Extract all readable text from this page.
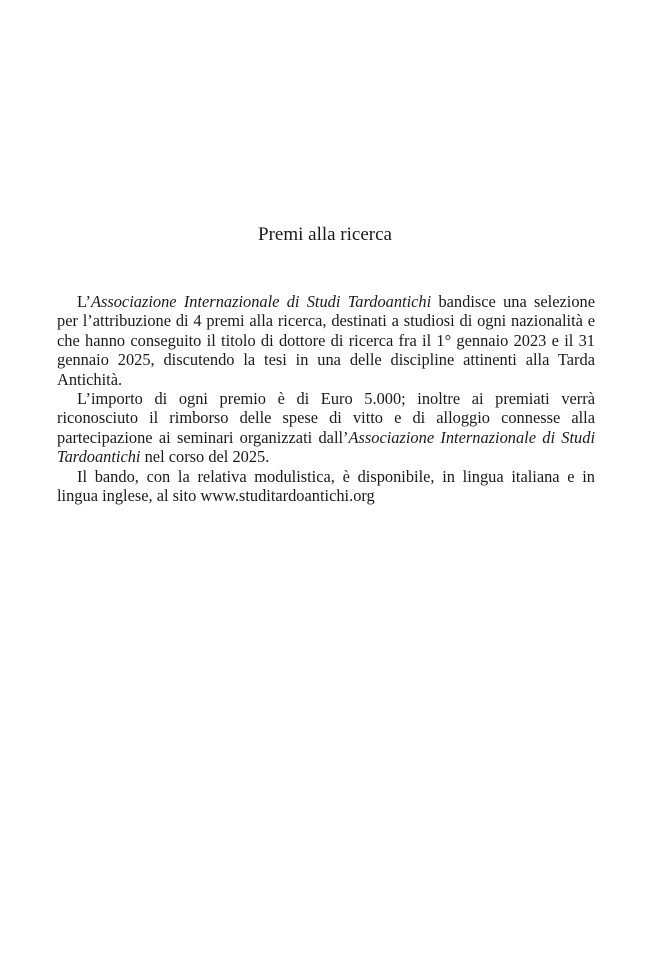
Premi alla ricerca

L’Associazione Internazionale di Studi Tardoantichi bandisce una selezione per l’attribuzione di 4 premi alla ricerca, destinati a studiosi di ogni nazionalità e che hanno conseguito il titolo di dottore di ricerca fra il 1° gennaio 2023 e il 31 gennaio 2025, discutendo la tesi in una delle discipline attinenti alla Tarda Antichità.

L’importo di ogni premio è di Euro 5.000; inoltre ai premiati verrà riconosciuto il rimborso delle spese di vitto e di alloggio connesse alla partecipazione ai seminari organizzati dall’Associazione Internazionale di Studi Tardoantichi nel corso del 2025.

Il bando, con la relativa modulistica, è disponibile, in lingua italiana e in lingua inglese, al sito www.studitardoantichi.org
